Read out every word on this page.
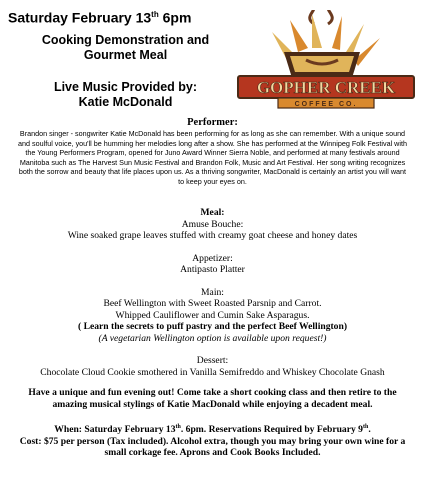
Saturday February 13th 6pm
Cooking Demonstration and
Gourmet Meal
Live Music Provided by:
Katie McDonald
GOPHER CREEK
COFFEE CO.
Performer:
Brandon singer - songwriter Katie McDonald has been performing for as long as she can remember. With a unique sound
and soulful voice, you'll be humming her melodies long after a show. She has performed at the Winnipeg Folk Festival with
the Young Performers Program, opened for Juno Award Winner Sierra Noble, and performed at many festivals around
Manitoba such as The Harvest Sun Music Festival and Brandon Folk, Music and Art Festival. Her song writing recognizes
both the sorrow and beauty that life places upon us. As a thriving songwriter, MacDonald is certainly an artist you will want
to keep your eyes on.
Meal:
Amuse Bouche:
Wine soaked grape leaves stuffed with creamy goat cheese and honey dates
Appetizer:
Antipasto Platter
Main:
Beef Wellington with Sweet Roasted Parsnip and Carrot.
Whipped Cauliflower and Cumin Sake Asparagus.
( Learn the secrets to puff pastry and the perfect Beef Wellington)
(A vegetarian Wellington option is available upon request!)
Dessert:
Chocolate Cloud Cookie smothered in Vanilla Semifreddo and Whiskey Chocolate Gnash
Have a unique and fun evening out! Come take a short cooking class and then retire to the
amazing musical stylings of Katie MacDonald while enjoying a decadent meal.
When: Saturday February 13th. 6pm. Reservations Required by February 9th.
Cost: $75 per person (Tax included). Alcohol extra, though you may bring your own wine for a
small corkage fee. Aprons and Cook Books Included.
